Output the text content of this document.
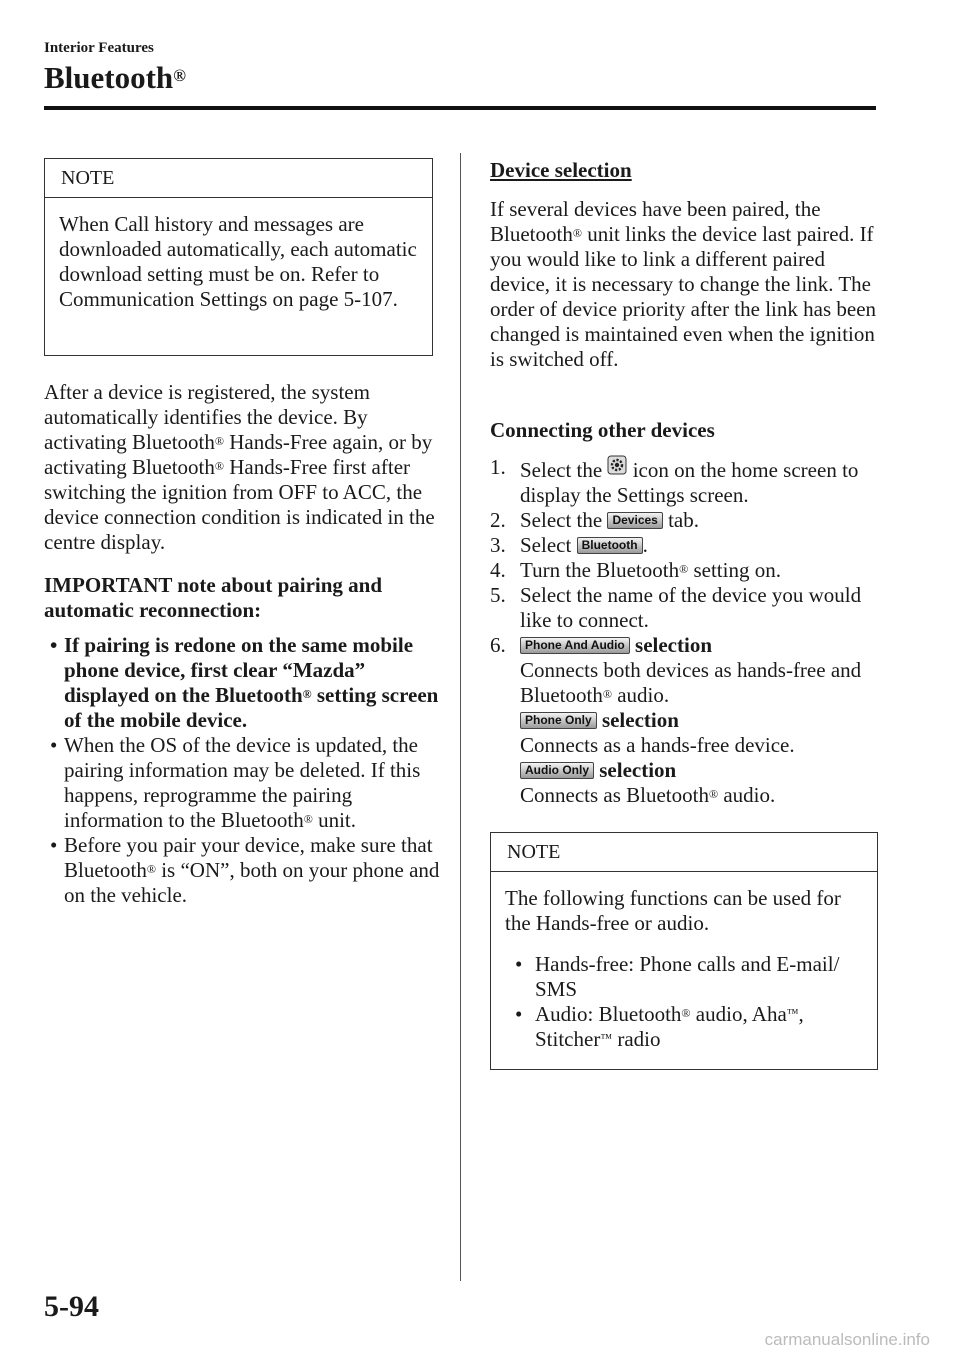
Interior Features
Bluetooth®
NOTE
When Call history and messages are downloaded automatically, each automatic download setting must be on. Refer to Communication Settings on page 5-107.

After a device is registered, the system automatically identifies the device. By activating Bluetooth® Hands-Free again, or by activating Bluetooth® Hands-Free first after switching the ignition from OFF to ACC, the device connection condition is indicated in the centre display.

IMPORTANT note about pairing and automatic reconnection:

• If pairing is redone on the same mobile phone device, first clear “Mazda” displayed on the Bluetooth® setting screen of the mobile device.

• When the OS of the device is updated, the pairing information may be deleted. If this happens, reprogramme the pairing information to the Bluetooth® unit.

• Before you pair your device, make sure that Bluetooth® is “ON”, both on your phone and on the vehicle.

Device selection

If several devices have been paired, the Bluetooth® unit links the device last paired. If you would like to link a different paired device, it is necessary to change the link. The order of device priority after the link has been changed is maintained even when the ignition is switched off.

Connecting other devices

1. Select the  icon on the home screen to display the Settings screen.

2. Select the Devices tab.

3. Select Bluetooth .

4. Turn the Bluetooth® setting on.

5. Select the name of the device you would like to connect.

6.	Phone And Audio selection

Connects both devices as hands-free and Bluetooth® audio.

Phone Only selection

Connects as a hands-free device.

Audio Only selection

Connects as Bluetooth® audio.

NOTE

The following functions can be used for the Hands-free or audio.

• Hands-free: Phone calls and E-mail/ SMS

• Audio: Bluetooth® audio, Aha™, Stitcher™ radio

5-94
carmanualsonline.info
